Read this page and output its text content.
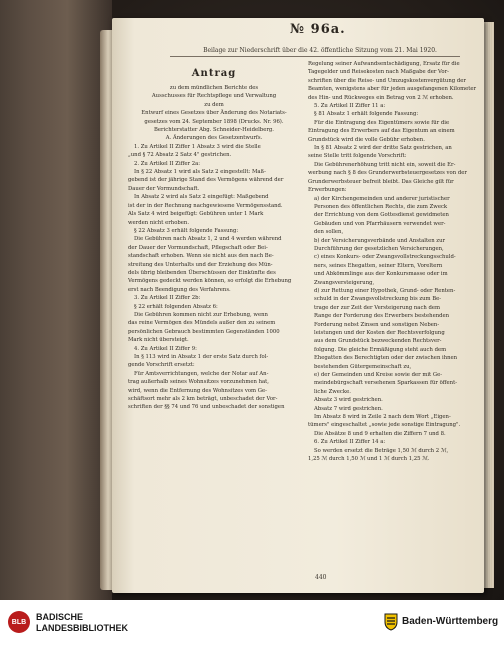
№ 96a.
Beilage zur Niederschrift über die 42. öffentliche Sitzung vom 21. Mai 1920.
Antrag
zu dem mündlichen Berichte des
Ausschusses für Rechtspflege und Verwaltung
zu dem
Entwurf eines Gesetzes über Änderung des Notariats-
gesetzes vom 24. September 1898 (Drucks. Nr. 96).
Berichterstatter Abg. Schneider-Heidelberg.
A. Änderungen des Gesetzentwurfs.
1. Zu Artikel II Ziffer 1 Absatz 3 wird die Stelle
„und § 72 Absatz 2 Satz 4" gestrichen.
2. Zu Artikel II Ziffer 2a:
In § 22 Absatz 1 wird als Satz 2 eingestellt: Maß-
gebend ist der jährige Stand des Vermögens während der
Dauer der Vormundschaft.
In Absatz 2 wird als Satz 2 eingefügt: Maßgebend
ist der in der Rechnung nachgewiesene Vermögensstand.
Als Satz 4 wird beigefügt: Gebühren unter 1 Mark
werden nicht erhoben.
§ 22 Absatz 3 erhält folgende Fassung:
Die Gebühren nach Absatz 1, 2 und 4 werden während
der Dauer der Vormundschaft, Pflegschaft oder Bei-
standschaft erhoben. Wenn sie nicht aus den nach Be-
streitung des Unterhalts und der Erziehung des Mün-
dels übrig bleibenden Überschüssen der Einkünfte des
Vermögens gedeckt werden können, so erfolgt die Erhebung
erst nach Beendigung des Verfahrens.
3. Zu Artikel II Ziffer 2b:
§ 22 erhält folgenden Absatz 6:
Die Gebühren kommen nicht zur Erhebung, wenn
das reine Vermögen des Mündels außer den zu seinem
persönlichen Gebrauch bestimmten Gegenständen 1000
Mark nicht übersteigt.
4. Zu Artikel II Ziffer 9:
In § 113 wird in Absatz 1 der erste Satz durch fol-
gende Vorschrift ersetzt:
Für Amtsverrichtungen, welche der Notar auf An-
trag außerhalb seines Wohnsitzes vorzunehmen hat,
wird, wenn die Entfernung des Wohnsitzes vom Ge-
schäftsort mehr als 2 km beträgt, unbeschadet der Vor-
schriften der §§ 74 und 76 und unbeschadet der sonstigen
Regelung seiner Aufwandsentschädigung, Ersatz für die
Tagegelder und Reisekosten nach Maßgabe der Vor-
schriften über die Reise- und Umzugskostenvergütung der
Beamten, wenigstens aber für jeden ausgefangenen Kilometer
des Hin- und Rückweges ein Betrag von 2 ℳ erhoben.
5. Zu Artikel II Ziffer 11 a:
§ 81 Absatz 1 erhält folgende Fassung:
Für die Eintragung des Eigentümers sowie für die
Eintragung des Erwerbers auf das Eigentum an einem
Grundstück wird die volle Gebühr erhoben.
In § 81 Absatz 2 wird der dritte Satz gestrichen, an
seine Stelle tritt folgende Vorschrift:
Die Gebührenerhöhung tritt nicht ein, soweit die Er-
werbung nach § 8 des Grunderwerbsteuergesetzes von der
Grunderwerbsteuer befreit bleibt. Das Gleiche gilt für
Erwerbungen:
a) der Kirchengemeinden und anderer juristischer
Personen des öffentlichen Rechts, die zum Zweck
der Errichtung von dem Gottesdienst gewidmeten
Gebäuden und von Pfarrhäusern verwendet wer-
den sollen,
b) der Versicherungsverbände und Anstalten zur
Durchführung der gesetzlichen Versicherungen,
c) eines Konkurs- oder Zwangsvollstreckungsschuld-
ners, seines Ehegatten, seiner Eltern, Voreltern
und Abkömmlinge aus der Konkursmasse oder im
Zwangsversteigerung,
d) zur Rettung einer Hypothek, Grund- oder Renten-
schuld in der Zwangsvollstreckung bis zum Be-
trage der zur Zeit der Versteigerung nach dem
Range der Forderung des Erwerbers bestehenden
Forderung nebst Zinsen und sonstigen Neben-
leistungen und der Kosten der Rechtsverfolgung
aus dem Grundstück bezweckenden Rechtsver-
folgung. Die gleiche Ermäßigung steht auch dem
Ehegatten des Berechtigten oder der zwischen ihnen
bestehenden Gütergemeinschaft zu,
e) der Gemeinden und Kreise sowie der mit Ge-
meindebürgschaft versehenen Sparkassen für öffent-
liche Zwecke.
Absatz 3 wird gestrichen.
Absatz 7 wird gestrichen.
Im Absatz 8 wird in Zeile 2 nach dem Wort „Eigen-
tümers" eingeschaltet „sowie jede sonstige Eintragung".
Die Absätze 8 und 9 erhalten die Ziffern 7 und 8.
6. Zu Artikel II Ziffer 14 a:
So werden ersetzt die Beträge 1,50 ℳ durch 2 ℳ,
1,25 ℳ durch 1,50 ℳ und 1 ℳ durch 1,25 ℳ.
440
BLB BADISCHE
LANDESBIBLIOTHEK
Baden-Württemberg
